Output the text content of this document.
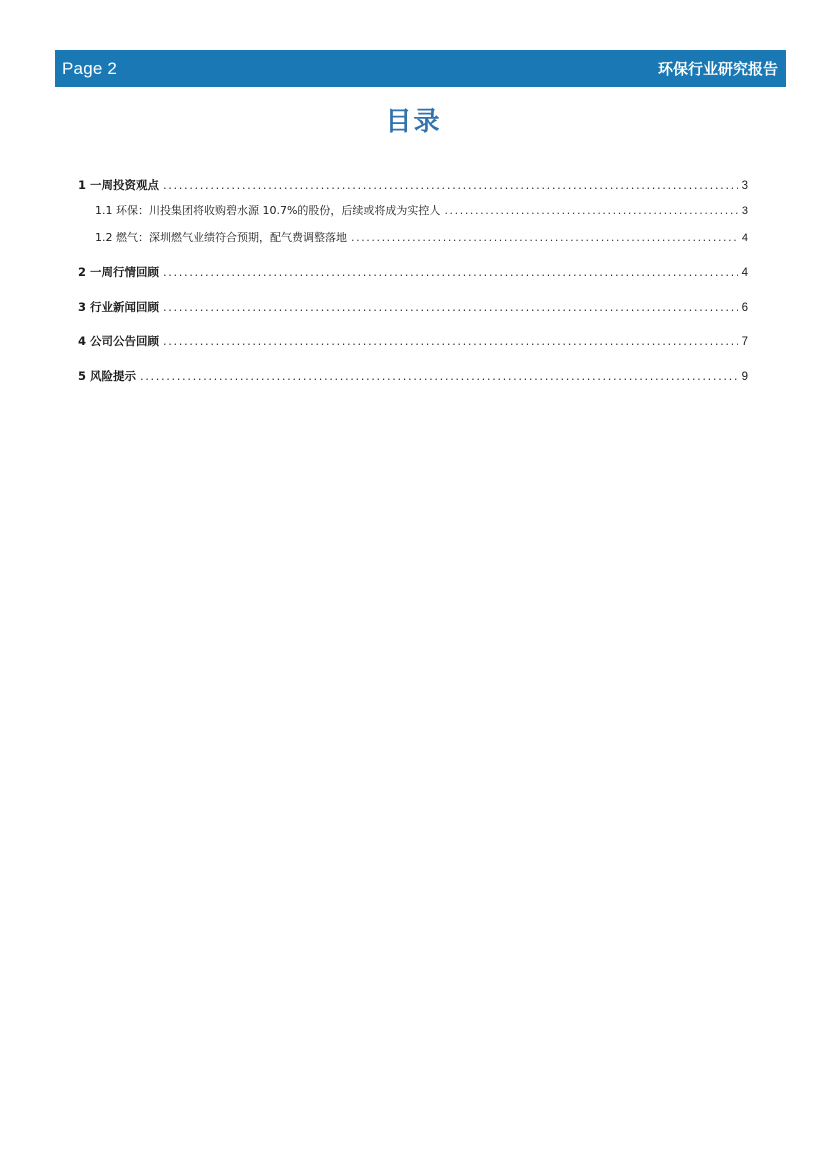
Page 2	环保行业研究报告
目录
1 一周投资观点 .....	3
1.1 环保：川投集团将收购碧水源 10.7%的股份，后续或将成为实控人 .....	3
1.2 燃气：深圳燃气业绩符合预期，配气费调整落地 .....	4
2 一周行情回顾 .....	4
3 行业新闻回顾 .....	6
4 公司公告回顾 .....	7
5 风险提示 .....	9
